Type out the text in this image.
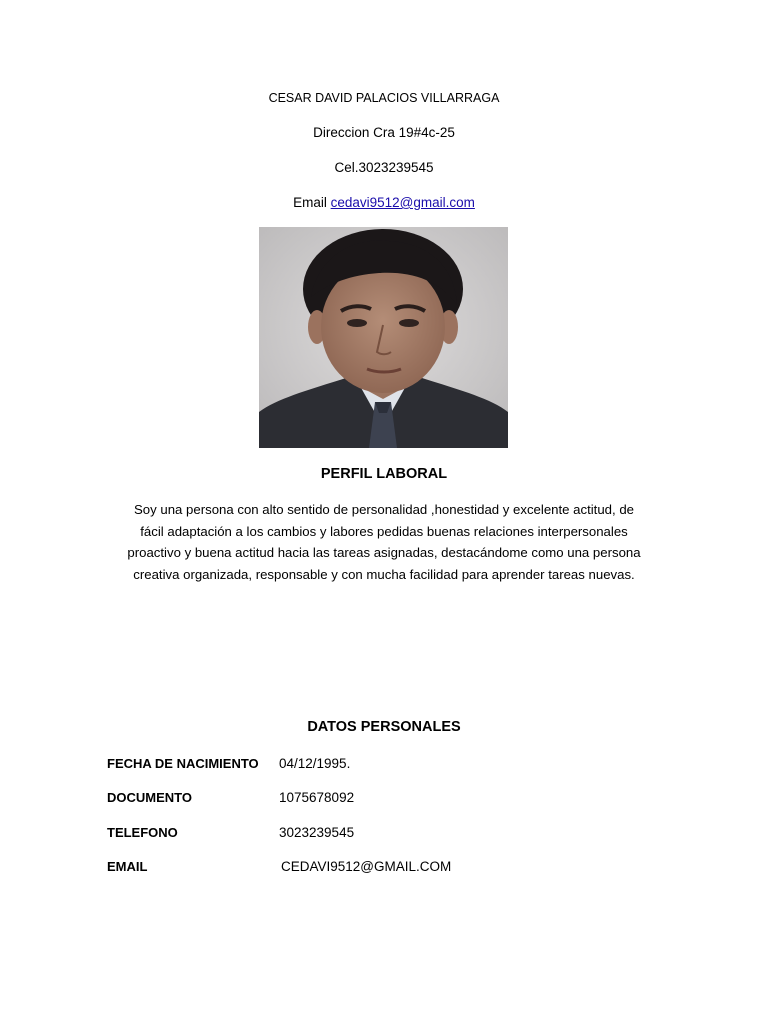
CESAR DAVID PALACIOS VILLARRAGA
Direccion Cra 19#4c-25
Cel.3023239545
Email cedavi9512@gmail.com
PERFIL LABORAL
Soy una persona con alto sentido de personalidad ,honestidad y excelente actitud, de
fácil adaptación a los cambios y labores pedidas buenas relaciones interpersonales
proactivo y buena actitud hacia las tareas asignadas, destacándome como una persona
creativa organizada, responsable y con mucha facilidad para aprender tareas nuevas.
DATOS PERSONALES
FECHA DE NACIMIENTO 04/12/1995.
DOCUMENTO	1075678092
TELEFONO	3023239545
EMAIL	CEDAVI9512@GMAIL.COM
